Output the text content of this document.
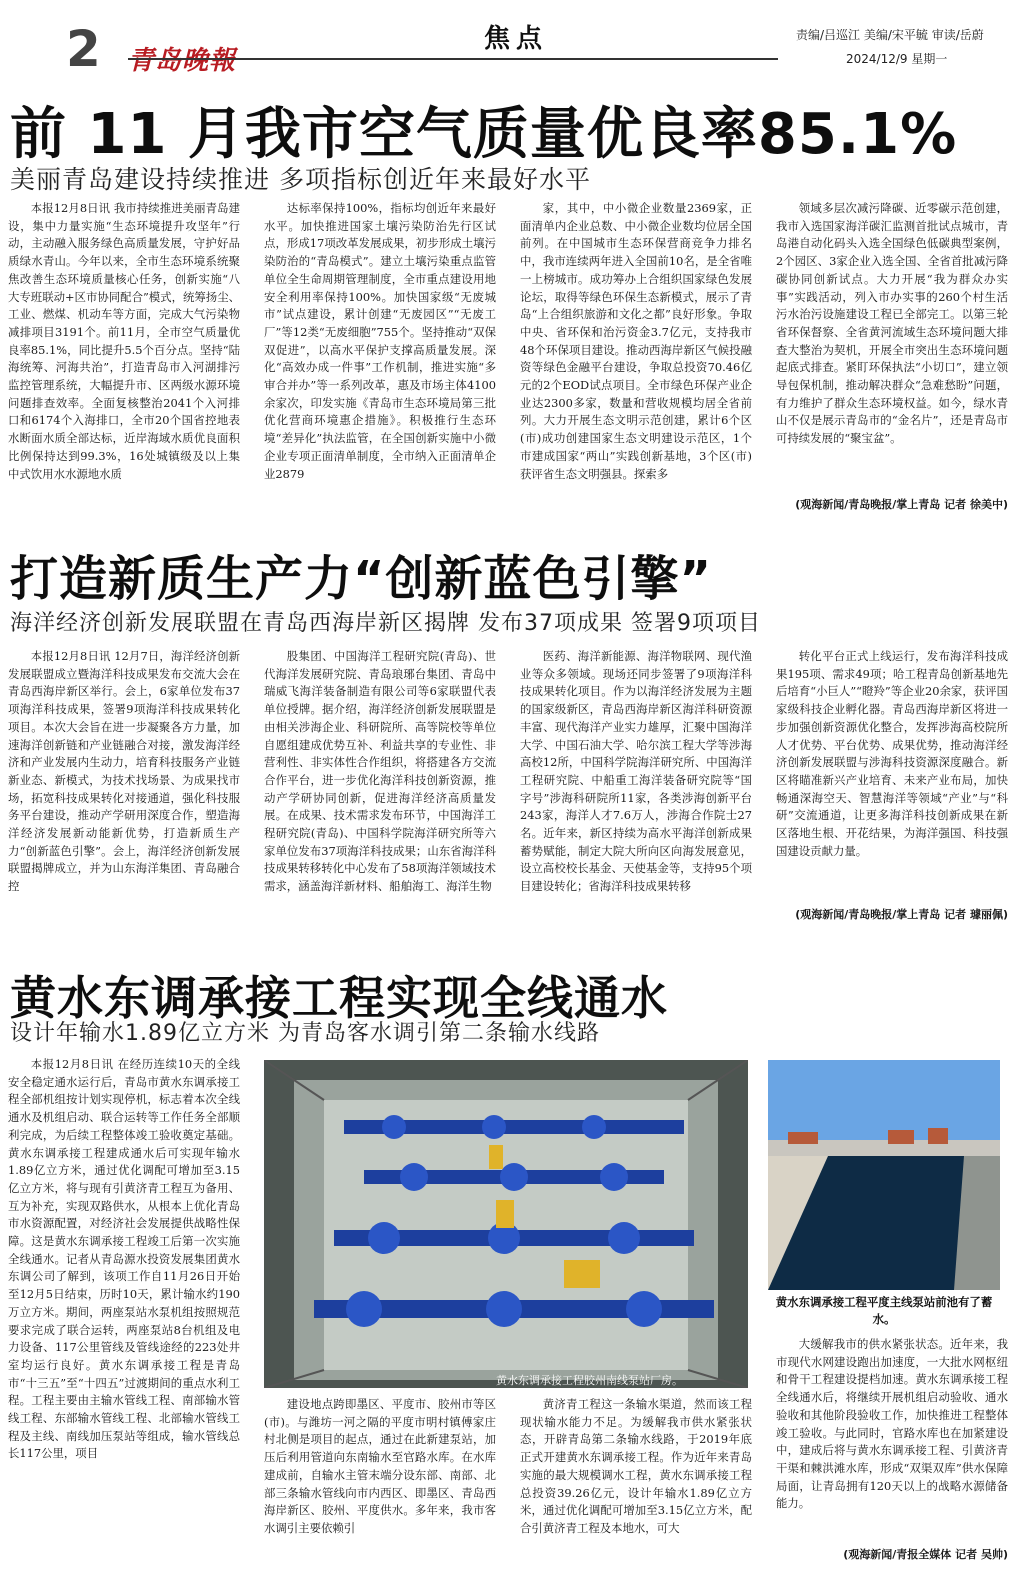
2 青岛晚報
焦点	责编/吕巡江 美编/宋平毓 审读/岳蔚
2024/12/9 星期一
前 11 月我市空气质量优良率85.1%
美丽青岛建设持续推进 多项指标创近年来最好水平

本报12月8日讯 我市持续推进美丽青岛建设，集中力量实施“生态环境提升攻坚年”行动，主动融入服务绿色高质量发展，守护好品质绿水青山。今年以来，全市生态环境系统聚焦改善生态环境质量核心任务，创新实施“八大专班联动+区市协同配合”模式，统筹扬尘、工业、燃煤、机动车等方面，完成大气污染物减排项目3191个。前11月，全市空气质量优良率85.1%，同比提升5.5个百分点。坚持“陆海统筹、河海共治”，打造青岛市入河湖排污监控管理系统，大幅提升市、区两级水源环境问题排查效率。全面复核整治2041个入河排口和6174个入海排口，全市20个国省控地表水断面水质全部达标，近岸海域水质优良面积比例保持达到99.3%，16处城镇级及以上集中式饮用水水源地水质

达标率保持100%，指标均创近年来最好水平。加快推进国家土壤污染防治先行区试点，形成17项改革发展成果，初步形成土壤污染防治的“青岛模式”。建立土壤污染重点监管单位全生命周期管理制度，全市重点建设用地安全利用率保持100%。加快国家级“无废城市”试点建设，累计创建“无废园区”“无废工厂”等12类“无废细胞”755个。坚持推动“双保双促进”，以高水平保护支撑高质量发展。深化“高效办成一件事”工作机制，推进实施“多审合并办”等一系列改革，惠及市场主体4100余家次，印发实施《青岛市生态环境局第三批优化营商环境惠企措施》。积极推行生态环境“差异化”执法监管，在全国创新实施中小微企业专项正面清单制度，全市纳入正面清单企业2879

家，其中，中小微企业数量2369家，正面清单内企业总数、中小微企业数均位居全国前列。在中国城市生态环保营商竞争力排名中，我市连续两年进入全国前10名，是全省唯一上榜城市。成功筹办上合组织国家绿色发展论坛，取得等绿色环保生态新模式，展示了青岛“上合组织旅游和文化之都”良好形象。争取中央、省环保和治污资金3.7亿元，支持我市48个环保项目建设。推动西海岸新区气候投融资等绿色金融平台建设，争取总投资70.46亿元的2个EOD试点项目。全市绿色环保产业企业达2300多家，数量和营收规模均居全省前列。大力开展生态文明示范创建，累计6个区(市)成功创建国家生态文明建设示范区，1个市建成国家“两山”实践创新基地，3个区(市)获评省生态文明强县。探索多

领域多层次减污降碳、近零碳示范创建，我市入选国家海洋碳汇监测首批试点城市，青岛港自动化码头入选全国绿色低碳典型案例，2个园区、3家企业入选全国、全省首批减污降碳协同创新试点。大力开展“我为群众办实事”实践活动，列入市办实事的260个村生活污水治污设施建设工程已全部完工。以第三轮省环保督察、全省黄河流域生态环境问题大排查大整治为契机，开展全市突出生态环境问题起底式排查。紧盯环保执法“小切口”，建立领导包保机制，推动解决群众“急难愁盼”问题，有力维护了群众生态环境权益。如今，绿水青山不仅是展示青岛市的“金名片”，还是青岛市可持续发展的“聚宝盆”。

(观海新闻/青岛晚报/掌上青岛 记者 徐美中)
打造新质生产力“创新蓝色引擎”
海洋经济创新发展联盟在青岛西海岸新区揭牌 发布37项成果 签署9项项目

本报12月8日讯 12月7日，海洋经济创新发展联盟成立暨海洋科技成果发布交流大会在青岛西海岸新区举行。会上，6家单位发布37项海洋科技成果，签署9项海洋科技成果转化项目。本次大会旨在进一步凝聚各方力量，加速海洋创新链和产业链融合对接，激发海洋经济和产业发展内生动力，培育科技服务产业链新业态、新模式，为技术找场景、为成果找市场，拓宽科技成果转化对接通道，强化科技服务平台建设，推动产学研用深度合作，塑造海洋经济发展新动能新优势，打造新质生产力“创新蓝色引擎”。会上，海洋经济创新发展联盟揭牌成立，并为山东海洋集团、青岛融合控

股集团、中国海洋工程研究院(青岛)、世代海洋发展研究院、青岛琅琊台集团、青岛中瑞威飞海洋装备制造有限公司等6家联盟代表单位授牌。据介绍，海洋经济创新发展联盟是由相关涉海企业、科研院所、高等院校等单位自愿组建成优势互补、利益共享的专业性、非营利性、非实体性合作组织，将搭建各方交流合作平台，进一步优化海洋科技创新资源，推动产学研协同创新，促进海洋经济高质量发展。在成果、技术需求发布环节，中国海洋工程研究院(青岛)、中国科学院海洋研究所等六家单位发布37项海洋科技成果；山东省海洋科技成果转移转化中心发布了58项海洋领域技术需求，涵盖海洋新材料、船舶海工、海洋生物

医药、海洋新能源、海洋物联网、现代渔业等众多领域。现场还同步签署了9项海洋科技成果转化项目。作为以海洋经济发展为主题的国家级新区，青岛西海岸新区海洋科研资源丰富、现代海洋产业实力雄厚，汇聚中国海洋大学、中国石油大学、哈尔滨工程大学等涉海高校12所，中国科学院海洋研究所、中国海洋工程研究院、中船重工海洋装备研究院等“国字号”涉海科研院所11家，各类涉海创新平台243家，海洋人才7.6万人，涉海合作院士27名。近年来，新区持续为高水平海洋创新成果蓄势赋能，制定大院大所向区向海发展意见，设立高校校长基金、天使基金等，支持95个项目建设转化；省海洋科技成果转移

转化平台正式上线运行，发布海洋科技成果195项、需求49项；哈工程青岛创新基地先后培育“小巨人”“瞪羚”等企业20余家，获评国家级科技企业孵化器。青岛西海岸新区将进一步加强创新资源优化整合，发挥涉海高校院所人才优势、平台优势、成果优势，推动海洋经济创新发展联盟与涉海科技资源深度融合。新区将瞄准新兴产业培育、未来产业布局，加快畅通深海空天、智慧海洋等领域“产业”与“科研”交流通道，让更多海洋科技创新成果在新区落地生根、开花结果，为海洋强国、科技强国建设贡献力量。

(观海新闻/青岛晚报/掌上青岛 记者 璩丽佩)
黄水东调承接工程实现全线通水
设计年输水1.89亿立方米 为青岛客水调引第二条输水线路

本报12月8日讯 在经历连续10天的全线安全稳定通水运行后，青岛市黄水东调承接工程全部机组按计划实现停机，标志着本次全线通水及机组启动、联合运转等工作任务全部顺利完成，为后续工程整体竣工验收奠定基础。黄水东调承接工程建成通水后可实现年输水1.89亿立方米，通过优化调配可增加至3.15亿立方米，将与现有引黄济青工程互为备用、互为补充，实现双路供水，从根本上优化青岛市水资源配置，对经济社会发展提供战略性保障。这是黄水东调承接工程竣工后第一次实施全线通水。记者从青岛源水投资发展集团黄水东调公司了解到，该项工作自11月26日开始至12月5日结束，历时10天，累计输水约190万立方米。期间，两座泵站水泵机组按照规范要求完成了联合运转，两座泵站8台机组及电力设备、117公里管线及管线途经的223处井室均运行良好。黄水东调承接工程是青岛市“十三五”至“十四五”过渡期间的重点水利工程。工程主要由主输水管线工程、南部输水管线工程、东部输水管线工程、北部输水管线工程及主线、南线加压泵站等组成，输水管线总长117公里，项目

黄水东调承接工程胶州南线泵站厂房。
黄水东调承接工程平度主线泵站前池有了蓄水。

建设地点跨即墨区、平度市、胶州市等区(市)。与潍坊一河之隔的平度市明村镇傅家庄村北侧是项目的起点，通过在此新建泵站，加压后利用管道向东南输水至官路水库。在水库建成前，自输水主管末端分设东部、南部、北部三条输水管线向市内西区、即墨区、青岛西海岸新区、胶州、平度供水。多年来，我市客水调引主要依赖引

黄济青工程这一条输水渠道，然而该工程现状输水能力不足。为缓解我市供水紧张状态，开辟青岛第二条输水线路，于2019年底正式开建黄水东调承接工程。作为近年来青岛实施的最大规模调水工程，黄水东调承接工程总投资39.26亿元，设计年输水1.89亿立方米，通过优化调配可增加至3.15亿立方米，配合引黄济青工程及本地水，可大

大缓解我市的供水紧张状态。近年来，我市现代水网建设跑出加速度，一大批水网枢纽和骨干工程建设提档加速。黄水东调承接工程全线通水后，将继续开展机组启动验收、通水验收和其他阶段验收工作，加快推进工程整体竣工验收。与此同时，官路水库也在加紧建设中，建成后将与黄水东调承接工程、引黄济青干渠和棘洪滩水库，形成“双渠双库”供水保障局面，让青岛拥有120天以上的战略水源储备能力。

(观海新闻/青报全媒体 记者 吴帅)
